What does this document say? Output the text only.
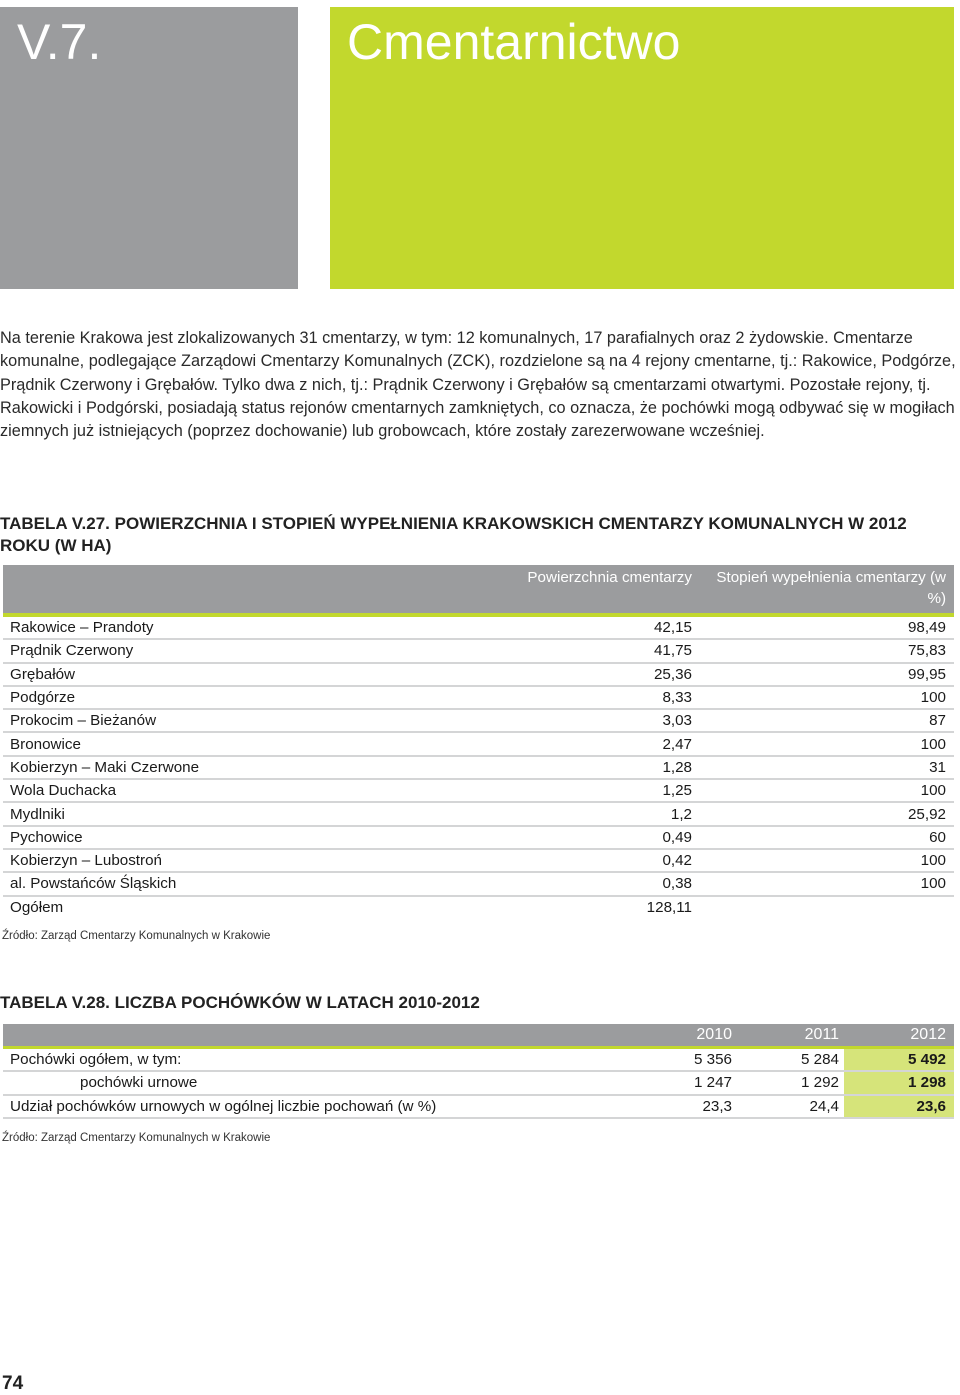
V.7.	Cmentarnictwo

Na terenie Krakowa jest zlokalizowanych 31 cmentarzy, w tym: 12 komunalnych, 17 parafialnych oraz 2 żydowskie. Cmentarze komunalne, podlegające Zarządowi Cmentarzy Komunalnych (ZCK), rozdzielone są na 4 rejony cmentarne, tj.: Rakowice, Podgórze, Prądnik Czerwony i Grębałów. Tylko dwa z nich, tj.: Prądnik Czerwony i Grębałów są cmentarzami otwartymi. Pozostałe rejony, tj. Rakowicki i Podgórski, posiadają status rejonów cmentarnych zamkniętych, co oznacza, że pochówki mogą odbywać się w mogiłach ziemnych już istniejących (poprzez dochowanie) lub grobowcach, które zostały zarezerwowane wcześniej.

TABELA V.27. POWIERZCHNIA I STOPIEŃ WYPEŁNIENIA KRAKOWSKICH CMENTARZY KOMUNALNYCH W 2012 ROKU (W HA)
	Powierzchnia cmentarzy	Stopień wypełnienia cmentarzy (w %)
Rakowice – Prandoty	42,15	98,49
Prądnik Czerwony	41,75	75,83
Grębałów	25,36	99,95
Podgórze	8,33	100
Prokocim – Bieżanów	3,03	87
Bronowice	2,47	100
Kobierzyn – Maki Czerwone	1,28	31
Wola Duchacka	1,25	100
Mydlniki	1,2	25,92
Pychowice	0,49	60
Kobierzyn – Lubostroń	0,42	100
al. Powstańców Śląskich	0,38	100
Ogółem	128,11	
Źródło: Zarząd Cmentarzy Komunalnych w Krakowie
TABELA V.28. LICZBA POCHÓWKÓW W LATACH 2010-2012
	2010	2011	2012
Pochówki ogółem, w tym:	5 356	5 284	5 492
pochówki urnowe	1 247	1 292	1 298
Udział pochówków urnowych w ogólnej liczbie pochowań (w %)	23,3	24,4	23,6
Źródło: Zarząd Cmentarzy Komunalnych w Krakowie
74
